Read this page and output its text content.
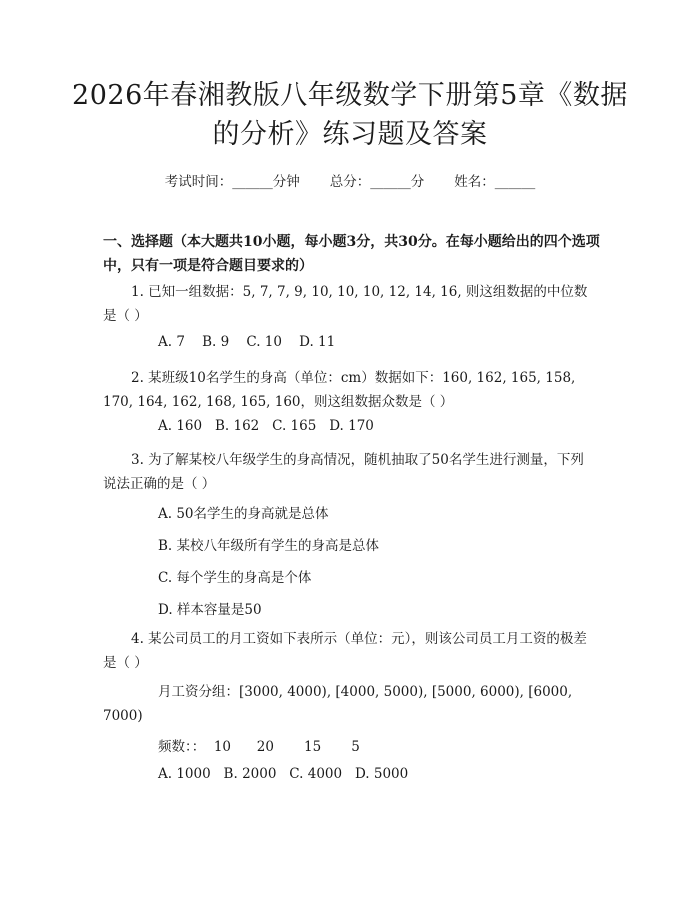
2026年春湘教版八年级数学下册第5章《数据的分析》练习题及答案
考试时间：______分钟 总分：______分 姓名：______

一、选择题（本大题共10小题，每小题3分，共30分。在每小题给出的四个选项中，只有一项是符合题目要求的）

1. 已知一组数据：5, 7, 7, 9, 10, 10, 10, 12, 14, 16, 则这组数据的中位数是（ ）
A. 7    B. 9    C. 10    D. 11
2. 某班级10名学生的身高（单位：cm）数据如下：160, 162, 165, 158, 170, 164, 162, 168, 165, 160，则这组数据众数是（ ）
A. 160   B. 162   C. 165   D. 170
3. 为了解某校八年级学生的身高情况，随机抽取了50名学生进行测量，下列说法正确的是（ ）
A. 50名学生的身高就是总体
B. 某校八年级所有学生的身高是总体
C. 每个学生的身高是个体
D. 样本容量是50
4. 某公司员工的月工资如下表所示（单位：元），则该公司员工月工资的极差是（ ）
月工资分组：[3000, 4000), [4000, 5000), [5000, 6000), [6000, 7000)
频数：：  10      20       15       5
A. 1000   B. 2000   C. 4000   D. 5000
